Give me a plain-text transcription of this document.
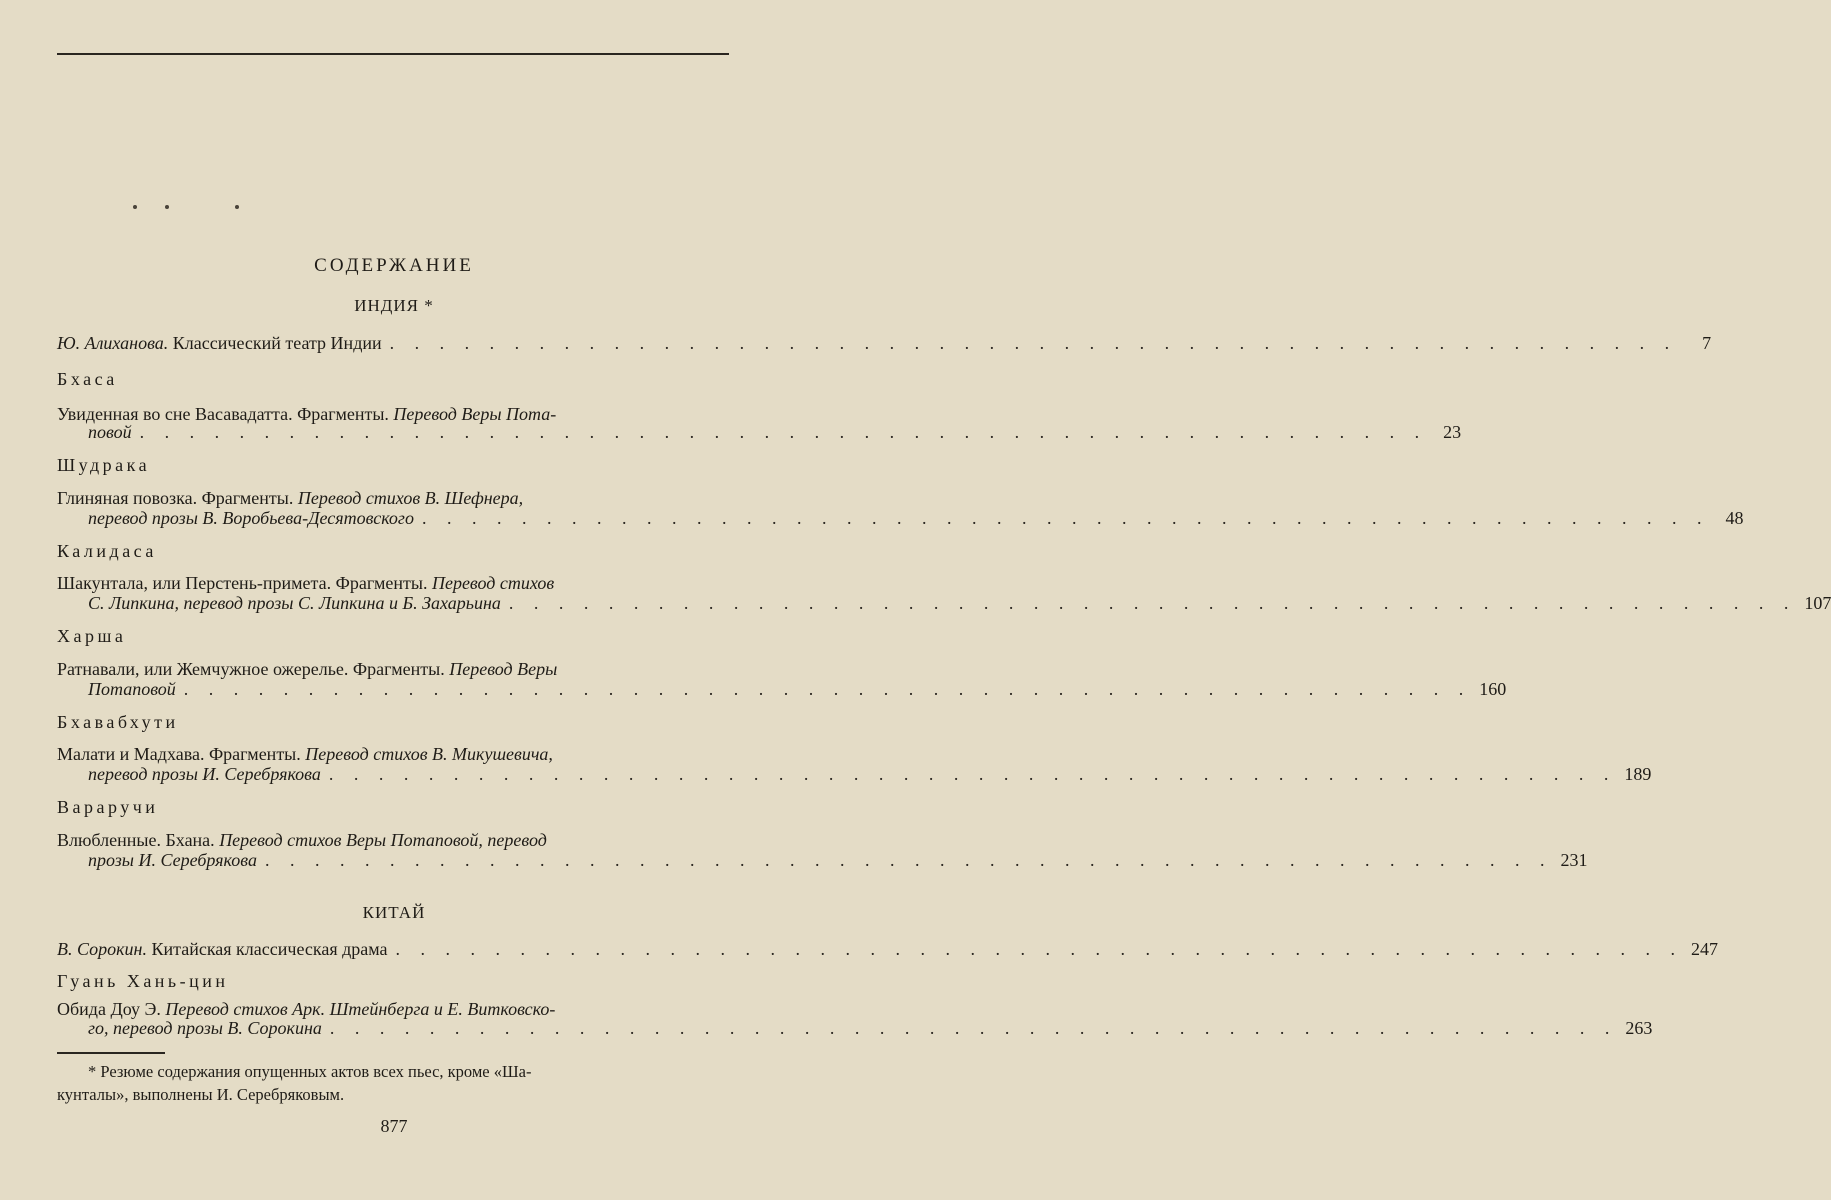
СОДЕРЖАНИЕ
ИНДИЯ *
Ю. Алиханова.
Классический театр Индии . . . . . . . . . . . . . . . . . . . . . . . . . . . . . . . . . . . . . . . . . . . . . . . . . . . .	7
Бхаса
Увиденная во сне Васавадатта. Фрагменты.
Перевод Веры Пота-
повой . . . . . . . . . . . . . . . . . . . . . . . . . . . . . . . . . . . . . . . . . . . . . . . . . . . . 23
Шудрака
Глиняная повозка. Фрагменты.
Перевод стихов В. Шефнера,
перевод прозы В. Воробьева-Десятовского . . . . . . . . . . . . . . . . . . . . . . . . . . . . . . . . . . . . . . . . . . . . . . . . . . . . 48
Калидаса
Шакунтала, или Перстень-примета. Фрагменты.
Перевод стихов
С. Липкина, перевод прозы С. Липкина и Б. Захарьина . . . . . . . . . . . . . . . . . . . . . . . . . . . . . . . . . . . . . . . . . . . . . . . . . . . . 107
Харша
Ратнавали, или Жемчужное ожерелье. Фрагменты.
Перевод Веры
Потаповой . . . . . . . . . . . . . . . . . . . . . . . . . . . . . . . . . . . . . . . . . . . . . . . . . . . . 160
Бхавабхути
Малати и Мадхава. Фрагменты.
Перевод стихов В. Микушевича,
перевод прозы И. Серебрякова . . . . . . . . . . . . . . . . . . . . . . . . . . . . . . . . . . . . . . . . . . . . . . . . . . . . 189
Вараручи
Влюбленные. Бхана.
Перевод стихов Веры Потаповой, перевод
прозы И. Серебрякова . . . . . . . . . . . . . . . . . . . . . . . . . . . . . . . . . . . . . . . . . . . . . . . . . . . . 231
КИТАЙ
В. Сорокин.
Китайская классическая драма . . . . . . . . . . . . . . . . . . . . . . . . . . . . . . . . . . . . . . . . . . . . . . . . . . . . 247
Гуань Хань-цин
Обида Доу Э.
Перевод стихов Арк. Штейнберга и Е. Витковско-
го, перевод прозы В. Сорокина . . . . . . . . . . . . . . . . . . . . . . . . . . . . . . . . . . . . . . . . . . . . . . . . . . . . 263
* Резюме содержания опущенных актов всех пьес, кроме «Ша-
кунталы», выполнены И. Серебряковым.
877
